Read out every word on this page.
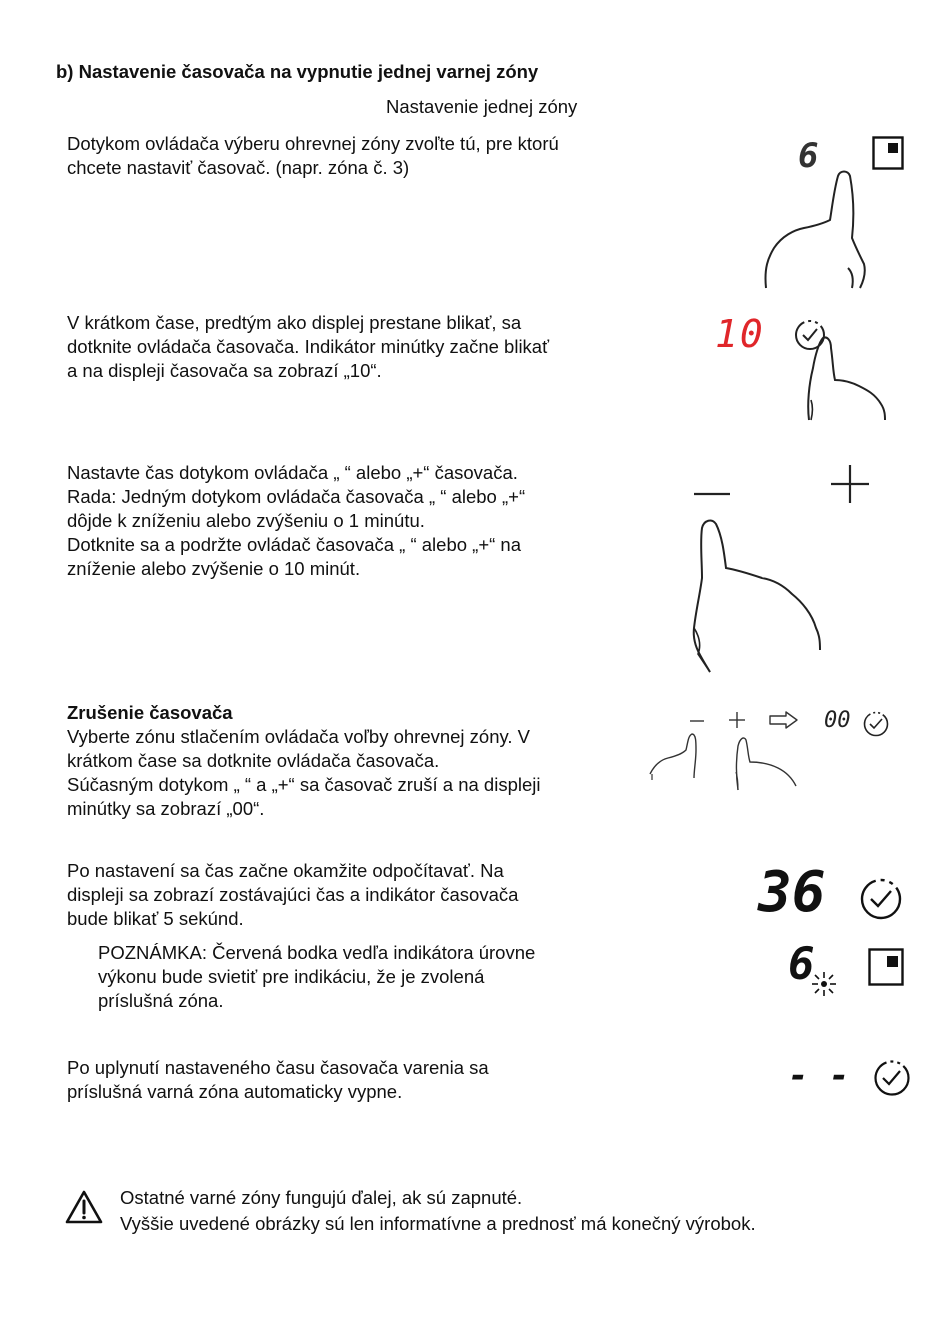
b) Nastavenie časovača na vypnutie jednej varnej zóny
Nastavenie jednej zóny
Dotykom ovládača výberu ohrevnej zóny zvoľte tú, pre ktorú
chcete nastaviť časovač. (napr. zóna č. 3)
V krátkom čase, predtým ako displej prestane blikať, sa
dotknite ovládača časovača. Indikátor minútky začne blikať
a na displeji časovača sa zobrazí „10“.
Nastavte čas dotykom ovládača „ “ alebo „+“ časovača.
Rada: Jedným dotykom ovládača časovača „ “ alebo „+“
dôjde k zníženiu alebo zvýšeniu o 1 minútu.
Dotknite sa a podržte ovládač časovača „ “ alebo „+“ na
zníženie alebo zvýšenie o 10 minút.
Zrušenie časovača
Vyberte zónu stlačením ovládača voľby ohrevnej zóny. V
krátkom čase sa dotknite ovládača časovača.
Súčasným dotykom „ “ a „+“ sa časovač zruší a na displeji
minútky sa zobrazí „00“.
Po nastavení sa čas začne okamžite odpočítavať. Na
displeji sa zobrazí zostávajúci čas a indikátor časovača
bude blikať 5 sekúnd.
POZNÁMKA: Červená bodka vedľa indikátora úrovne
výkonu bude svietiť pre indikáciu, že je zvolená
príslušná zóna.
Po uplynutí nastaveného času časovača varenia sa
príslušná varná zóna automaticky vypne.
Ostatné varné zóny fungujú ďalej, ak sú zapnuté.
Vyššie uvedené obrázky sú len informatívne a prednosť má konečný výrobok.
6
10
00
36
6
- -
